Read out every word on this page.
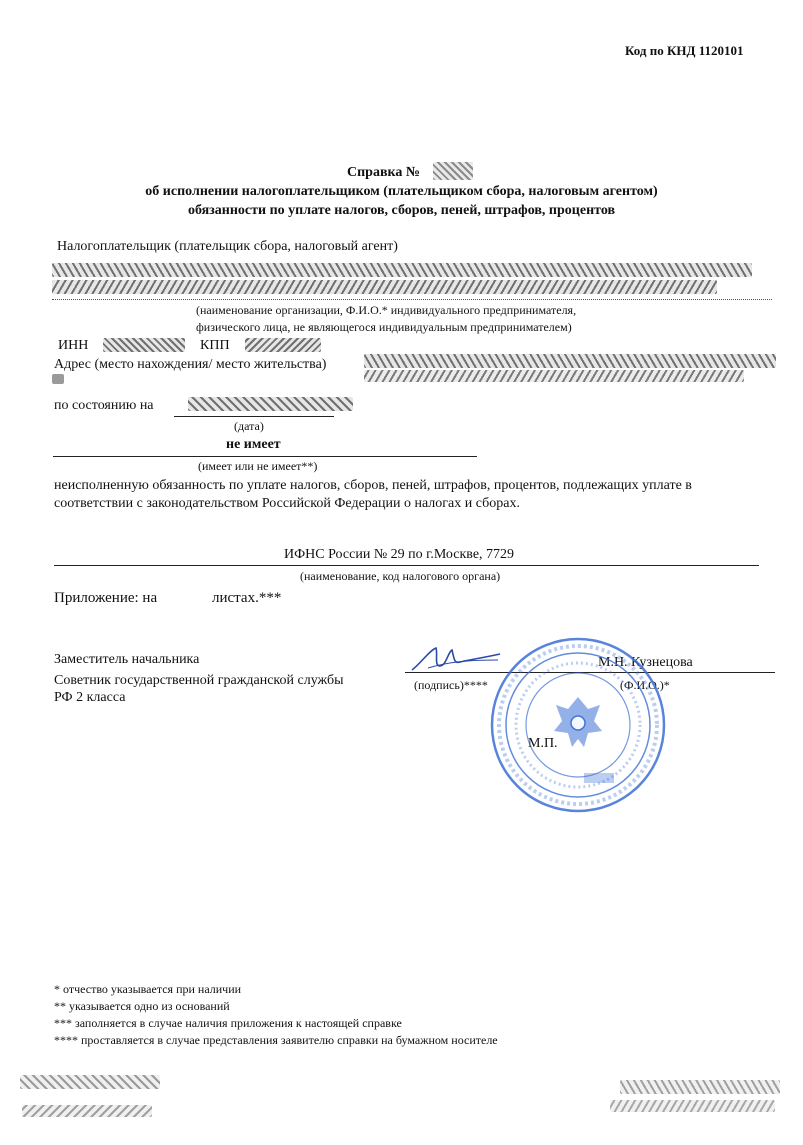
Код по КНД 1120101
Справка №
об исполнении налогоплательщиком (плательщиком сбора, налоговым агентом)
обязанности по уплате налогов, сборов, пеней, штрафов, процентов
Налогоплательщик (плательщик сбора, налоговый агент)
(наименование организации, Ф.И.О.* индивидуального предпринимателя,
физического лица, не являющегося индивидуальным предпринимателем)
ИНН	КПП
Адрес (место нахождения/ место жительства)
по состоянию на
(дата)
не имеет
(имеет или не имеет**)
неисполненную обязанность по уплате налогов, сборов, пеней, штрафов, процентов, подлежащих уплате в
соответствии с законодательством Российской Федерации о налогах и сборах.
ИФНС России № 29 по г.Москве, 7729
(наименование, код налогового органа)
Приложение: на	листах.***
Заместитель начальника
Советник государственной гражданской службы
РФ 2 класса
(подпись)****
М.Н. Кузнецова
(Ф.И.О.)*
М.П.
* отчество указывается при наличии
** указывается одно из оснований
*** заполняется в случае наличия приложения к настоящей справке
**** проставляется в случае представления заявителю справки на бумажном носителе
